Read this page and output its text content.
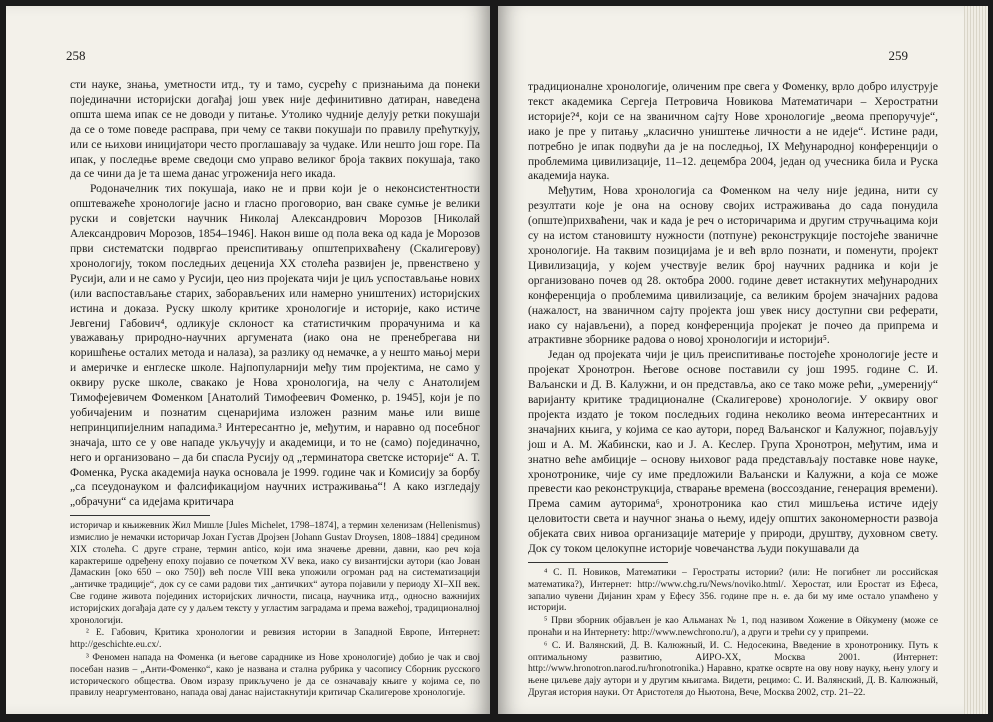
258

сти науке, знања, уметности итд., ту и тамо, сусрећу с признањима да понеки појединачни историјски догађај још увек није дефинитивно датиран, наведена општа шема ипак се не доводи у питање. Утолико чудније делују ретки покушаји да се о томе поведе расправа, при чему се такви покушаји по правилу прећуткују, или се њихови иницијатори често проглашавају за чудаке. Или нешто још горе. Па ипак, у последње време сведоци смо управо великог броја таквих покушаја, тако да се чини да је та шема данас угроженија него икада.

Родоначелник тих покушаја, иако не и први који је о неконсистентности општеважеће хронологије јасно и гласно проговорио, ван сваке сумње је велики руски и совјетски научник Николај Александрович Морозов [Николай Александрович Морозов, 1854–1946]. Након више од пола века од када је Морозов први систематски подвргао преиспитивању општеприхваћену (Скалигерову) хронологију, током последњих деценија XX столећа развијен је, првенствено у Русији, али и не само у Русији, цео низ пројеката чији је циљ успостављање нових (или васпостављање старих, заборављених или намерно уништених) историјских истина и доказа. Руску школу критике хронологије и историје, како истиче Јевгениј Габович⁴, одликује склоност ка статистичким прорачунима и ка уважавању природно-научних аргумената (иако она не пренебрегава ни коришћење осталих метода и налаза), за разлику од немачке, а у нешто мањој мери и америчке и енглеске школе. Најпопуларнији међу тим пројектима, не само у оквиру руске школе, свакако је Нова хронологија, на челу с Анатолијем Тимофејевичем Фоменком [Анатолий Тимофеевич Фоменко, р. 1945], који је по уобичајеним и познатим сценаријима изложен разним мање или више непринципијелним нападима.³ Интересантно је, међутим, и наравно од посебног значаја, што се у ове нападе укључују и академици, и то не (само) појединачно, него и организовано – да би спасла Русију од „терминатора светске историје“ А. Т. Фоменка, Руска академија наука основала је 1999. године чак и Комисију за борбу „са псеудонауком и фалсификацијом научних истраживања“! А како изгледају „обрачуни“ са идејама критичара

историчар и књижевник Жил Мишле [Jules Michelet, 1798–1874], а термин хеленизам (Hellenismus) измислио је немачки историчар Јохан Густав Дројзен [Johann Gustav Droysen, 1808–1884] средином XIX столећа. С друге стране, термин antico, који има значење древни, давни, као реч која карактерише одређену епоху појавио се почетком XV века, иако су византијски аутори (као Јован Дамаскин [око 650 – око 750]) већ после VIII века упожили огроман рад на систематизацији „античке традиције“, док су се сами радови тих „античких“ аутора појавили у периоду XI–XII век. Све године живота појединих историјских личности, писаца, научника итд., односно важнијих историјских догађаја дате су у даљем тексту у угластим заградама и према важећој, традиционалној хронологији.

² Е. Габович, Критика хронологии и ревизия истории в Западной Европе, Интернет: http://geschichte.eu.cx/.

³ Феномен напада на Фоменка (и његове сараднике из Нове хронологије) добио је чак и свој посебан назив – „Анти-Фоменко“, како је названа и стална рубрика у часопису Сборник русского исторического общества. Овом изразу прикључено је да се означавају књиге у којима се, по правилу неаргументовано, напада оваj данас најистакнутији критичар Скалигерове хронологије.

259

традиционалне хронологије, оличеним пре свега у Фоменку, врло добро илуструје текст академика Сергеја Петровича Новикова Математичари – Херостратни историје?⁴, који се на званичном сајту Нове хронологије „веома препоручује“, иако је пре у питању „класично уништење личности а не идеје“. Истине ради, потребно је ипак подвући да је на последњој, IX Међународној конференцији о проблемима цивилизације, 11–12. децембра 2004, један од учесника била и Руска академија наука.

Међутим, Нова хронологија са Фоменком на челу није једина, нити су резултати које је она на основу својих истраживања до сада понудила (опште)прихваћени, чак и када је реч о историчарима и другим стручњацима који су на истом становишту нужности (потпуне) реконструкције постојеће званичне хронологије. На таквим позицијама је и већ врло познати, и поменути, пројект Цивилизација, у којем учествује велик број научних радника и који је организовано почев од 28. октобра 2000. године девет истакнутих међународних конференција о проблемима цивилизације, са великим бројем значајних радова (нажалост, на званичном сајту пројекта још увек нису доступни сви реферати, иако су најављени), а поред конференција пројекат је почео да припрема и атрактивне зборнике радова о новој хронологији и историји⁵.

Један од пројеката чији је циљ преиспитивање постојеће хронологије јесте и пројекат Хронотрон. Његове основе поставили су још 1995. године С. И. Ваљански и Д. В. Калужни, и он представља, ако се тако може рећи, „умеренију“ варијанту критике традиционалне (Скалигерове) хронологије. У оквиру овог пројекта издато је током последњих година неколико веома интересантних и значајних књига, у којима се као аутори, поред Ваљанског и Калужног, појављују још и А. М. Жабински, као и Ј. А. Кеслер. Група Хронотрон, међутим, има и знатно веће амбиције – основу њиховог рада представљају поставке нове науке, хронотронике, чије су име предложили Ваљански и Калужни, а која се може превести као реконструкција, стварање времена (воссоздание, генерация времени). Према самим ауторима⁶, хронотроника као стил мишљења истиче идеју целовитости света и научног знања о њему, идеју општих закономерности развоја објеката свих нивоа организације материје у природи, друштву, духовном свету. Док су током целокупне историје човечанства људи покушавали да

⁴ С. П. Новиков, Математики – Герострaты истории? (или: Не погибнет ли российская математика?), Интернет: http://www.chg.ru/News/noviko.html/. Херостат, или Еростат из Ефеса, запалио чувени Дијанин храм у Ефесу 356. године пре н. е. да би му име остало упамћено у историји.

⁵ Први зборник објављен је као Альманах № 1, под називом Хожение в Ойкумену (може се пронаћи и на Интернету: http://www.newchrono.ru/), а други и трећи су у припреми.

⁶ С. И. Валянский, Д. В. Калюжный, И. С. Недосекина, Введение в хронотронику. Путь к оптимальному развитию, АИРО-XX, Москва 2001. (Интернет: http://www.hronotron.narod.ru/hronotronika.) Наравно, кратке осврте на ову нову науку, њену улогу и њене циљеве дају аутори и у другим књигама. Видети, рецимо: С. И. Валянский, Д. В. Калюжный, Другая история науки. От Аристотеля до Ньютона, Вече, Москва 2002, стр. 21–22.
